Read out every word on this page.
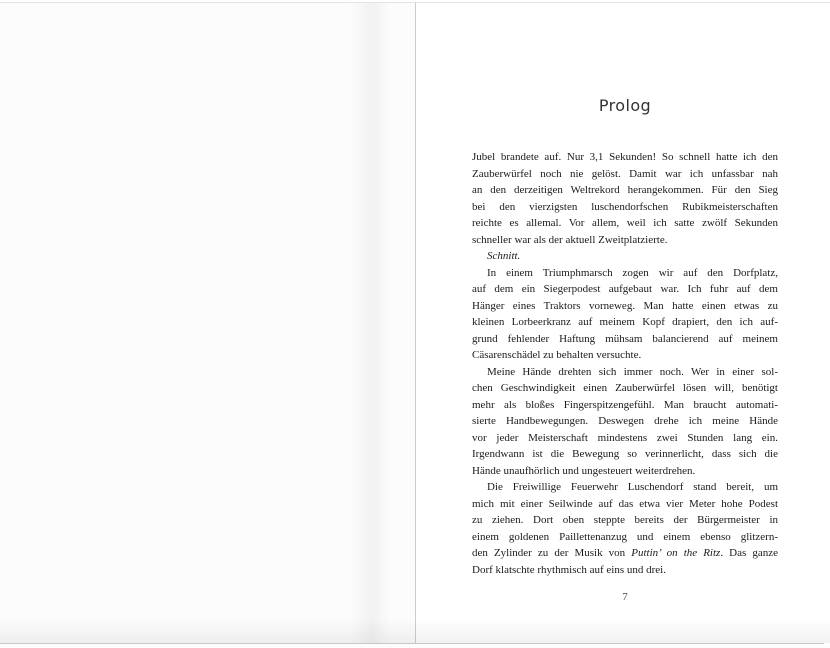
Prolog
Jubel brandete auf. Nur 3,1 Sekunden! So schnell hatte ich den
Zauberwürfel noch nie gelöst. Damit war ich unfassbar nah
an den derzeitigen Weltrekord herangekommen. Für den Sieg
bei den vierzigsten luschendorfschen Rubikmeisterschaften
reichte es allemal. Vor allem, weil ich satte zwölf Sekunden
schneller war als der aktuell Zweitplatzierte.
Schnitt.
In einem Triumphmarsch zogen wir auf den Dorfplatz,
auf dem ein Siegerpodest aufgebaut war. Ich fuhr auf dem
Hänger eines Traktors vorneweg. Man hatte einen etwas zu
kleinen Lorbeerkranz auf meinem Kopf drapiert, den ich auf-
grund fehlender Haftung mühsam balancierend auf meinem
Cäsarenschädel zu behalten versuchte.
Meine Hände drehten sich immer noch. Wer in einer sol-
chen Geschwindigkeit einen Zauberwürfel lösen will, benötigt
mehr als bloßes Fingerspitzengefühl. Man braucht automati-
sierte Handbewegungen. Deswegen drehe ich meine Hände
vor jeder Meisterschaft mindestens zwei Stunden lang ein.
Irgendwann ist die Bewegung so verinnerlicht, dass sich die
Hände unaufhörlich und ungesteuert weiterdrehen.
Die Freiwillige Feuerwehr Luschendorf stand bereit, um
mich mit einer Seilwinde auf das etwa vier Meter hohe Podest
zu ziehen. Dort oben steppte bereits der Bürgermeister in
einem goldenen Paillettenanzug und einem ebenso glitzern-
den Zylinder zu der Musik von Puttin’ on the Ritz. Das ganze
Dorf klatschte rhythmisch auf eins und drei.
7
